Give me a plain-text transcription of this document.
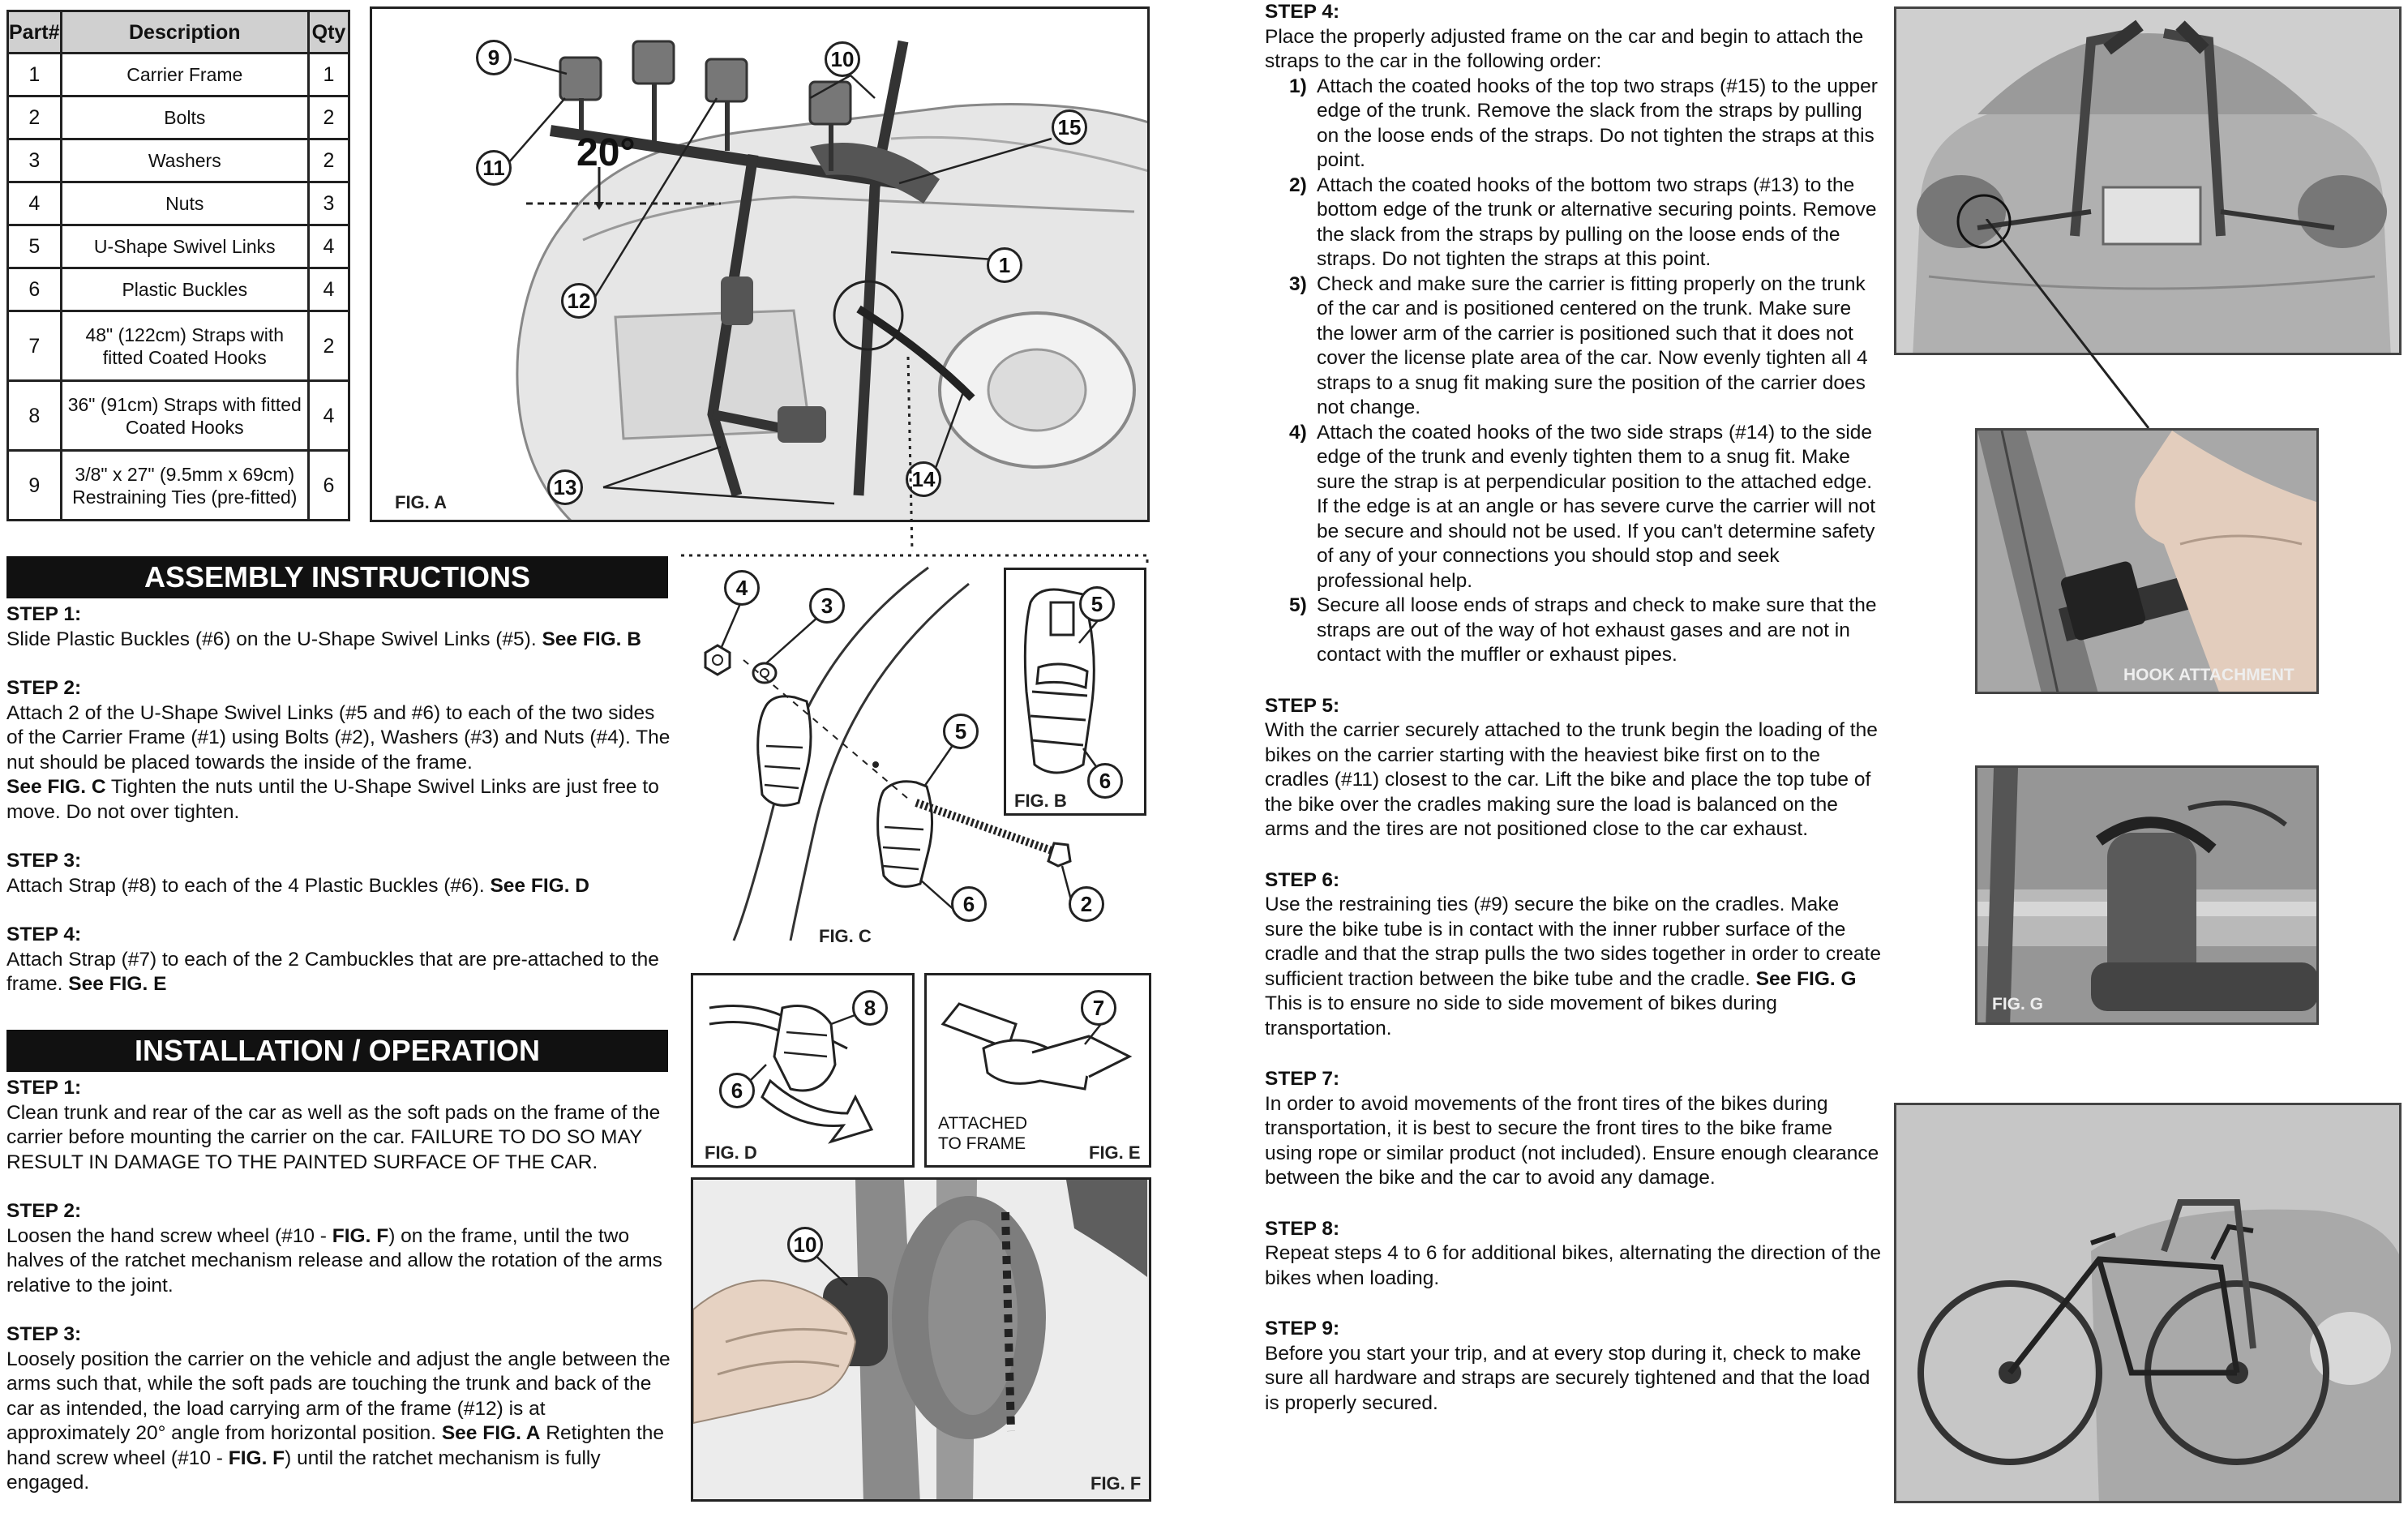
Part#	Description	Qty
1	Carrier Frame	1
2	Bolts	2
3	Washers	2
4	Nuts	3
5	U-Shape Swivel Links	4
6	Plastic Buckles	4
7	48" (122cm) Straps with fitted Coated Hooks	2
8	36" (91cm) Straps with fitted Coated Hooks	4
9	3/8" x 27" (9.5mm x 69cm) Restraining Ties (pre-fitted)	6
20°
FIG. A
9	10
11
12
15
1
13	14
ASSEMBLY INSTRUCTIONS

STEP 1:
Slide Plastic Buckles (#6) on the U-Shape Swivel Links (#5). See FIG. B

STEP 2:
Attach 2 of the U-Shape Swivel Links (#5 and #6) to each of the two sides of the Carrier Frame (#1) using Bolts (#2), Washers (#3) and Nuts (#4). The nut should be placed towards the inside of the frame.
See FIG. C Tighten the nuts until the U-Shape Swivel Links are just free to move. Do not over tighten.

STEP 3:
Attach Strap (#8) to each of the 4 Plastic Buckles (#6). See FIG. D

STEP 4:
Attach Strap (#7) to each of the 2 Cambuckles that are pre-attached to the frame. See FIG. E

INSTALLATION / OPERATION

STEP 1:
Clean trunk and rear of the car as well as the soft pads on the frame of the carrier before mounting the carrier on the car. FAILURE TO DO SO MAY RESULT IN DAMAGE TO THE PAINTED SURFACE OF THE CAR.

STEP 2:
Loosen the hand screw wheel (#10 - FIG. F) on the frame, until the two halves of the ratchet mechanism release and allow the rotation of the arms relative to the joint.

STEP 3:
Loosely position the carrier on the vehicle and adjust the angle between the arms such that, while the soft pads are touching the trunk and back of the car as intended, the load carrying arm of the frame (#12) is at approximately 20° angle from horizontal position. See FIG. A Retighten the hand screw wheel (#10 - FIG. F) until the ratchet mechanism is fully engaged.

FIG. C
4
3
5
6	2
FIG. B
5
6
FIG. D
8
6
ATTACHED
TO FRAME	FIG. E
7
FIG. F
10
STEP 4:
Place the properly adjusted frame on the car and begin to attach the straps to the car in the following order:
1) Attach the coated hooks of the top two straps (#15) to the upper edge of the trunk. Remove the slack from the straps by pulling on the loose ends of the straps. Do not tighten the straps at this point.
2) Attach the coated hooks of the bottom two straps (#13) to the bottom edge of the trunk or alternative securing points. Remove the slack from the straps by pulling on the loose ends of the straps. Do not tighten the straps at this point.
3) Check and make sure the carrier is fitting properly on the trunk of the car and is positioned centered on the trunk. Make sure the lower arm of the carrier is positioned such that it does not cover the license plate area of the car. Now evenly tighten all 4 straps to a snug fit making sure the position of the carrier does not change.
4) Attach the coated hooks of the two side straps (#14) to the side edge of the trunk and evenly tighten them to a snug fit. Make sure the strap is at perpendicular position to the attached edge. If the edge is at an angle or has severe curve the carrier will not be secure and should not be used. If you can't determine safety of any of your connections you should stop and seek professional help.
5) Secure all loose ends of straps and check to make sure that the straps are out of the way of hot exhaust gases and are not in contact with the muffler or exhaust pipes.
STEP 5:
With the carrier securely attached to the trunk begin the loading of the bikes on the carrier starting with the heaviest bike first on to the cradles (#11) closest to the car. Lift the bike and place the top tube of the bike over the cradles making sure the load is balanced on the arms and the tires are not positioned close to the car exhaust.
STEP 6:
Use the restraining ties (#9) secure the bike on the cradles. Make sure the bike tube is in contact with the inner rubber surface of the cradle and that the strap pulls the two sides together in order to create sufficient traction between the bike tube and the cradle. See FIG. G This is to ensure no side to side movement of bikes during transportation.
STEP 7:
In order to avoid movements of the front tires of the bikes during transportation, it is best to secure the front tires to the bike frame using rope or similar product (not included). Ensure enough clearance between the bike and the car to avoid any damage.
STEP 8:
Repeat steps 4 to 6 for additional bikes, alternating the direction of the bikes when loading.
STEP 9:
Before you start your trip, and at every stop during it, check to make sure all hardware and straps are securely tightened and that the load is properly secured.
HOOK ATTACHMENT
FIG. G
